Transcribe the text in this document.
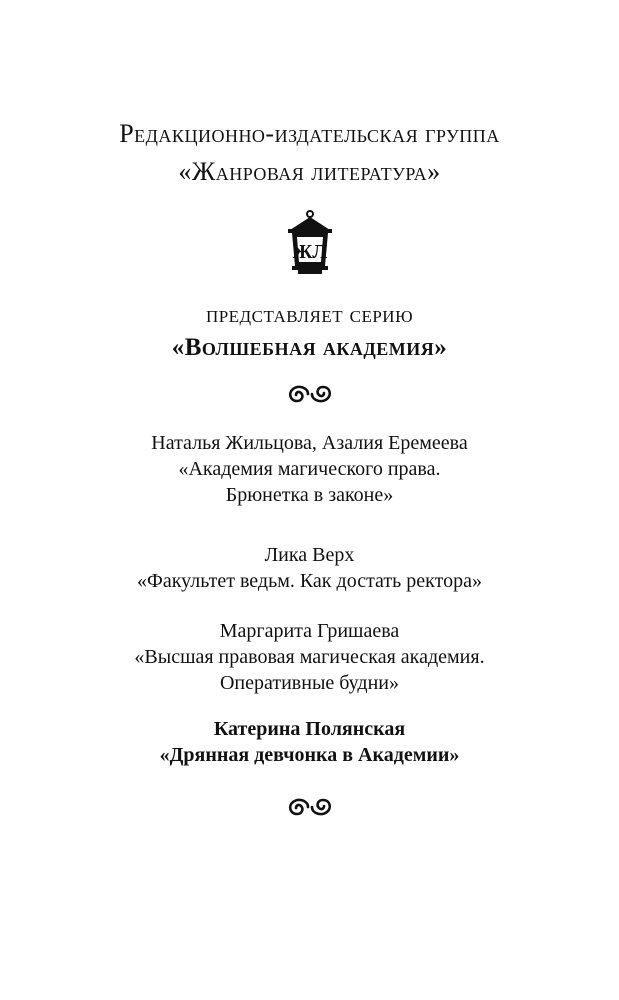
Редакционно-издательская группа
«Жанровая литература»
ЖЛ
представляет серию
«Волшебная академия»
Наталья Жильцова, Азалия Еремеева
«Академия магического права.
Брюнетка в законе»
Лика Верх
«Факультет ведьм. Как достать ректора»
Маргарита Гришаева
«Высшая правовая магическая академия.
Оперативные будни»
Катерина Полянская
«Дрянная девчонка в Академии»
